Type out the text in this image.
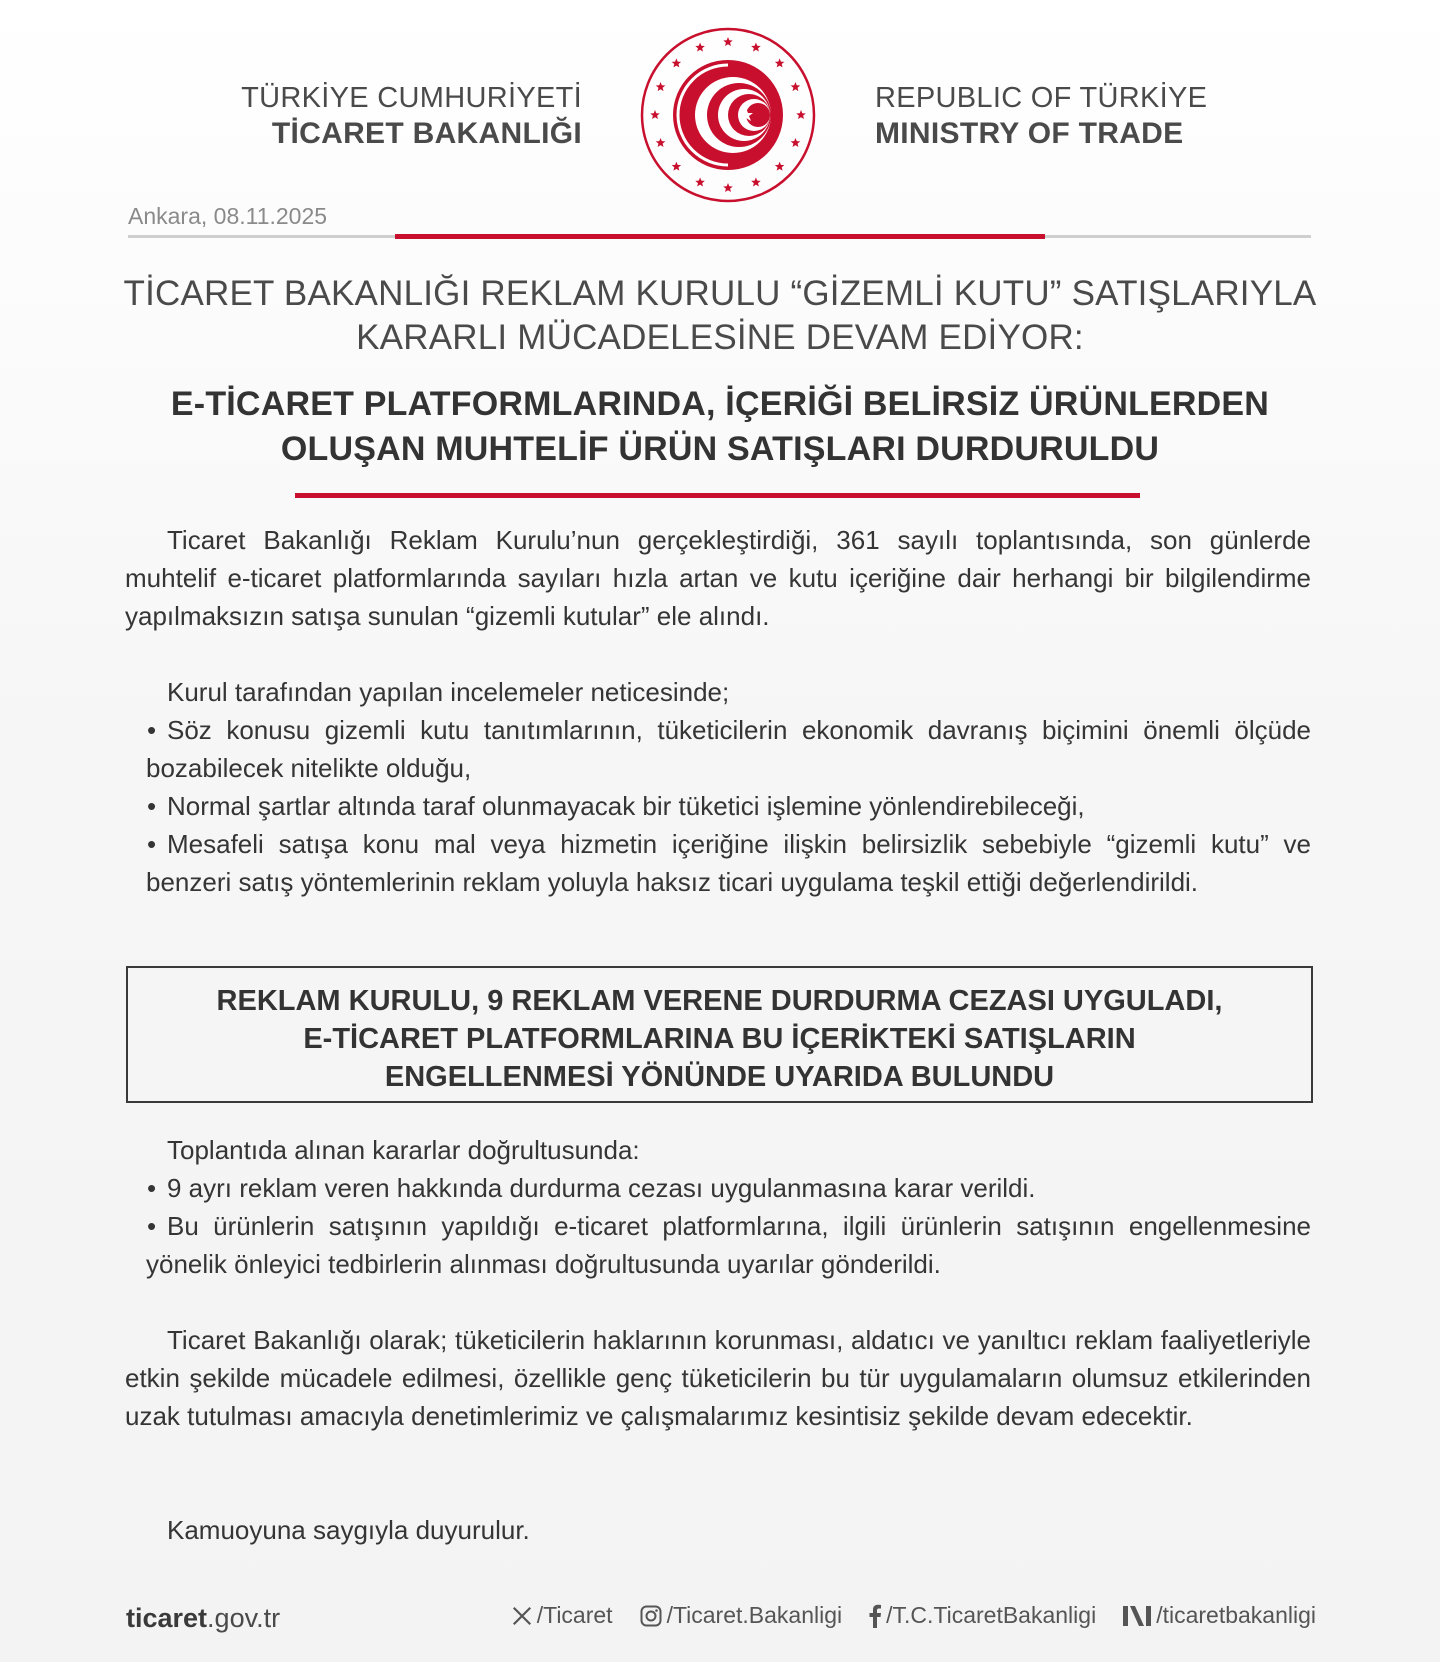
TÜRKİYE CUMHURİYETİ
TİCARET BAKANLIĞI
REPUBLIC OF TÜRKİYE
MINISTRY OF TRADE
Ankara, 08.11.2025
TİCARET BAKANLIĞI REKLAM KURULU “GİZEMLİ KUTU” SATIŞLARIYLA
KARARLI MÜCADELESİNE DEVAM EDİYOR:
E-TİCARET PLATFORMLARINDA, İÇERİĞİ BELİRSİZ ÜRÜNLERDEN
OLUŞAN MUHTELİF ÜRÜN SATIŞLARI DURDURULDU
Ticaret Bakanlığı Reklam Kurulu’nun gerçekleştirdiği, 361 sayılı toplantısında, son günlerde muhtelif e-ticaret platformlarında sayıları hızla artan ve kutu içeriğine dair herhangi bir bilgilendirme yapılmaksızın satışa sunulan “gizemli kutular” ele alındı.
Kurul tarafından yapılan incelemeler neticesinde;
• Söz konusu gizemli kutu tanıtımlarının, tüketicilerin ekonomik davranış biçimini önemli ölçüde bozabilecek nitelikte olduğu,
• Normal şartlar altında taraf olunmayacak bir tüketici işlemine yönlendirebileceği,
• Mesafeli satışa konu mal veya hizmetin içeriğine ilişkin belirsizlik sebebiyle “gizemli kutu” ve benzeri satış yöntemlerinin reklam yoluyla haksız ticari uygulama teşkil ettiği değerlendirildi.
REKLAM KURULU, 9 REKLAM VERENE DURDURMA CEZASI UYGULADI,
E-TİCARET PLATFORMLARINA BU İÇERİKTEKİ SATIŞLARIN
ENGELLENMESİ YÖNÜNDE UYARIDA BULUNDU
Toplantıda alınan kararlar doğrultusunda:
• 9 ayrı reklam veren hakkında durdurma cezası uygulanmasına karar verildi.
• Bu ürünlerin satışının yapıldığı e-ticaret platformlarına, ilgili ürünlerin satışının engellenmesine yönelik önleyici tedbirlerin alınması doğrultusunda uyarılar gönderildi.
Ticaret Bakanlığı olarak; tüketicilerin haklarının korunması, aldatıcı ve yanıltıcı reklam faaliyetleriyle etkin şekilde mücadele edilmesi, özellikle genç tüketicilerin bu tür uygulamaların olumsuz etkilerinden uzak tutulması amacıyla denetimlerimiz ve çalışmalarımız kesintisiz şekilde devam edecektir.
Kamuoyuna saygıyla duyurulur.
ticaret.gov.tr	/Ticaret /Ticaret.Bakanligi /T.C.TicaretBakanligi	/ticaretbakanligi
